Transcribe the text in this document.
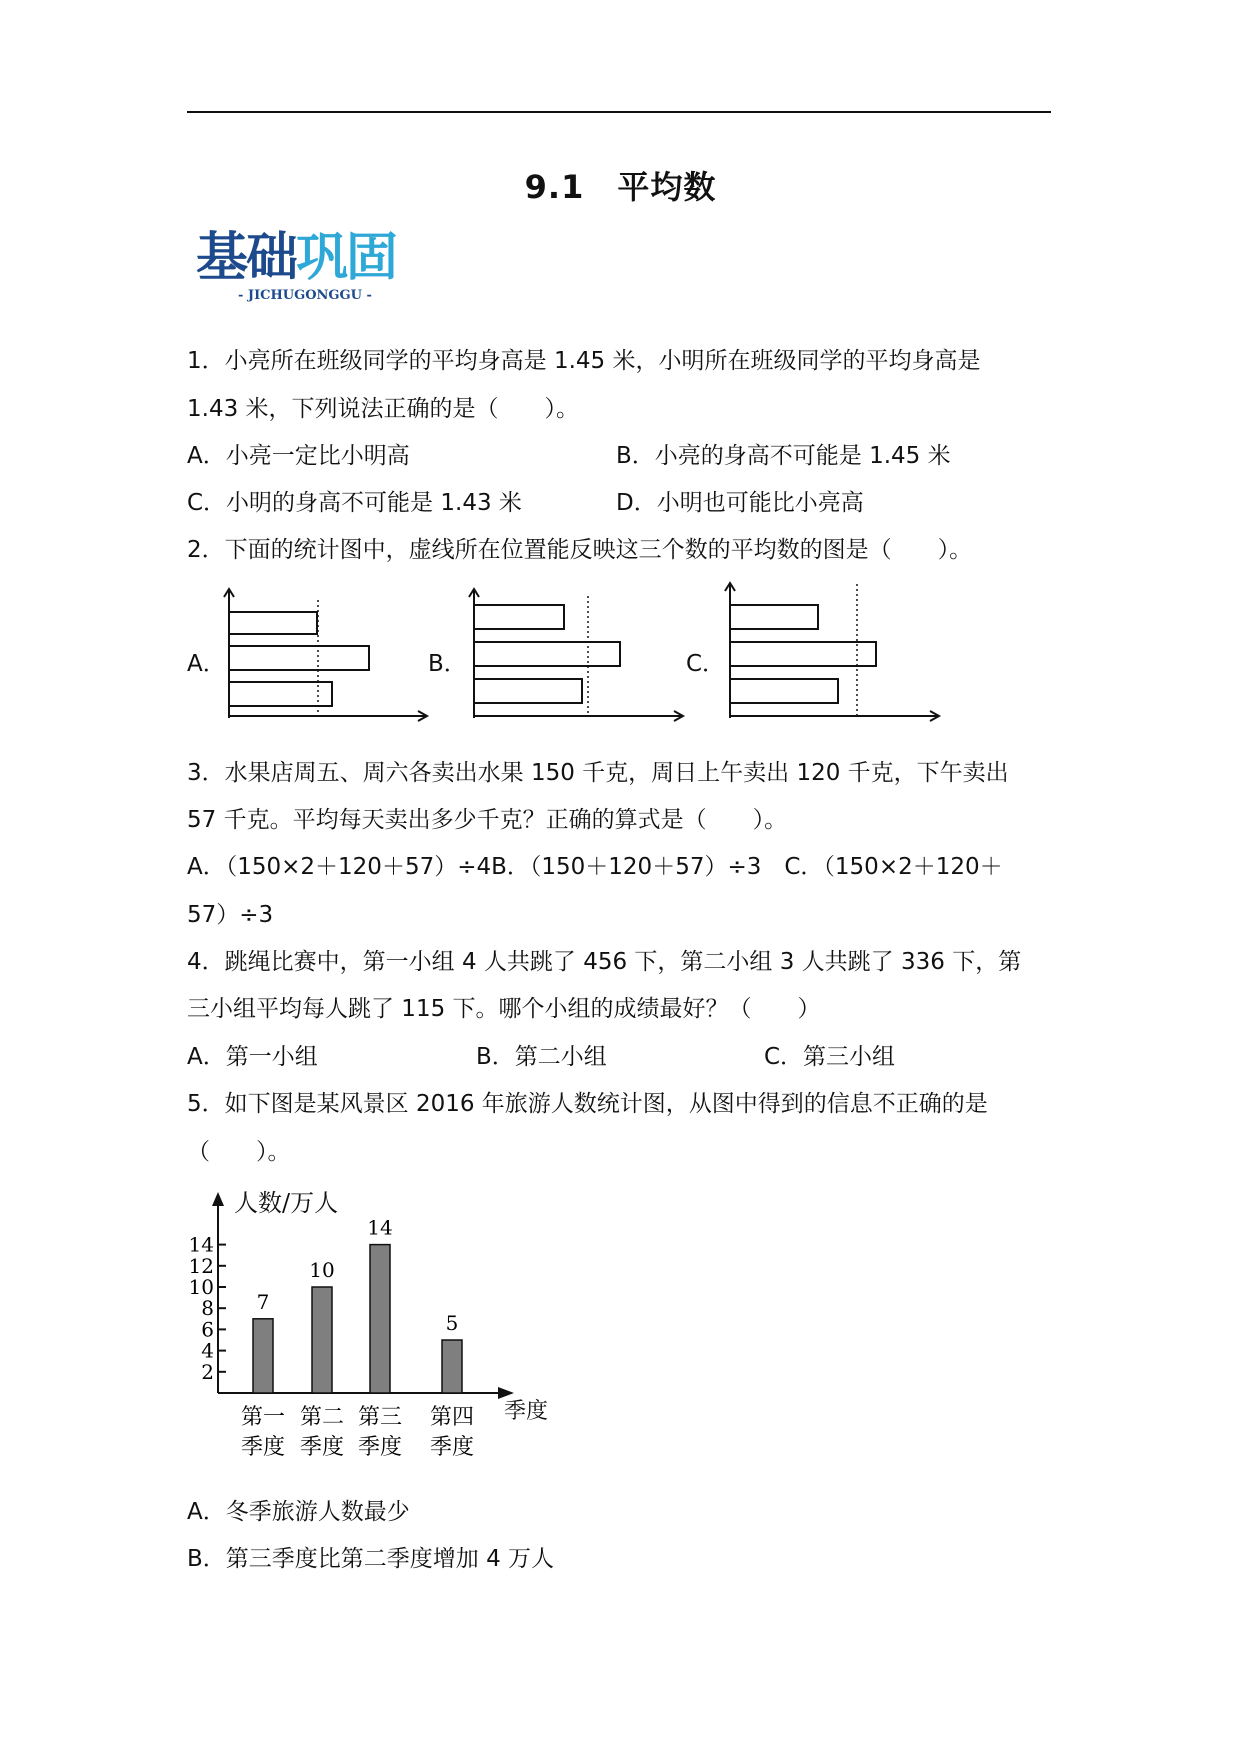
9.1　平均数
基础巩固
- JICHUGONGGU -
1．小亮所在班级同学的平均身高是 1.45 米，小明所在班级同学的平均身高是
1.43 米，下列说法正确的是（　　）。
A．小亮一定比小明高	B．小亮的身高不可能是 1.45 米
C．小明的身高不可能是 1.43 米	D．小明也可能比小亮高
2．下面的统计图中，虚线所在位置能反映这三个数的平均数的图是（　　）。
A．	B．	C．
3．水果店周五、周六各卖出水果 150 千克，周日上午卖出 120 千克，下午卖出
57 千克。平均每天卖出多少千克？正确的算式是（　　）。
A．（150×2＋120＋57）÷4B．（150＋120＋57）÷3　C．（150×2＋120＋
57）÷3
4．跳绳比赛中，第一小组 4 人共跳了 456 下，第二小组 3 人共跳了 336 下，第
三小组平均每人跳了 115 下。哪个小组的成绩最好？（　　）
A．第一小组	B．第二小组	C．第三小组
5．如下图是某风景区 2016 年旅游人数统计图，从图中得到的信息不正确的是
（　　）。
2
4
6
8
10
12
14
7
第一
季度
10
第二
季度
14
第三
季度
5
第四
季度
人数/万人
季度
A．冬季旅游人数最少
B．第三季度比第二季度增加 4 万人
